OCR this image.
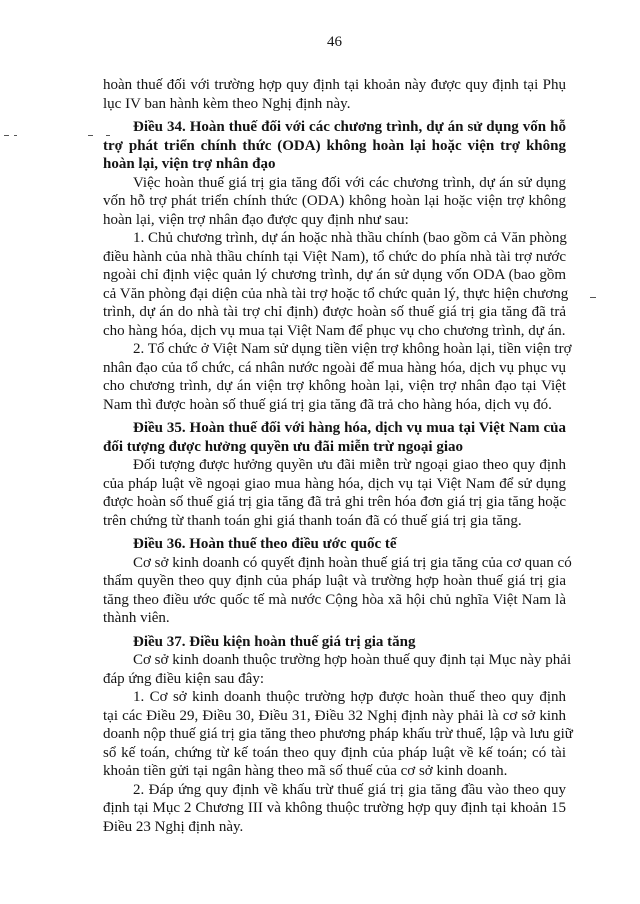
46
hoàn thuế đối với trường hợp quy định tại khoản này được quy định tại Phụ
lục IV ban hành kèm theo Nghị định này.
Điều 34. Hoàn thuế đối với các chương trình, dự án sử dụng vốn hỗ
trợ phát triển chính thức (ODA) không hoàn lại hoặc viện trợ không
hoàn lại, viện trợ nhân đạo
Việc hoàn thuế giá trị gia tăng đối với các chương trình, dự án sử dụng
vốn hỗ trợ phát triển chính thức (ODA) không hoàn lại hoặc viện trợ không
hoàn lại, viện trợ nhân đạo được quy định như sau:
1. Chủ chương trình, dự án hoặc nhà thầu chính (bao gồm cả Văn phòng
điều hành của nhà thầu chính tại Việt Nam), tổ chức do phía nhà tài trợ nước
ngoài chỉ định việc quản lý chương trình, dự án sử dụng vốn ODA (bao gồm
cả Văn phòng đại diện của nhà tài trợ hoặc tổ chức quản lý, thực hiện chương
trình, dự án do nhà tài trợ chỉ định) được hoàn số thuế giá trị gia tăng đã trả
cho hàng hóa, dịch vụ mua tại Việt Nam để phục vụ cho chương trình, dự án.
2. Tổ chức ở Việt Nam sử dụng tiền viện trợ không hoàn lại, tiền viện trợ
nhân đạo của tổ chức, cá nhân nước ngoài để mua hàng hóa, dịch vụ phục vụ
cho chương trình, dự án viện trợ không hoàn lại, viện trợ nhân đạo tại Việt
Nam thì được hoàn số thuế giá trị gia tăng đã trả cho hàng hóa, dịch vụ đó.
Điều 35. Hoàn thuế đối với hàng hóa, dịch vụ mua tại Việt Nam của
đối tượng được hưởng quyền ưu đãi miễn trừ ngoại giao
Đối tượng được hưởng quyền ưu đãi miễn trừ ngoại giao theo quy định
của pháp luật về ngoại giao mua hàng hóa, dịch vụ tại Việt Nam để sử dụng
được hoàn số thuế giá trị gia tăng đã trả ghi trên hóa đơn giá trị gia tăng hoặc
trên chứng từ thanh toán ghi giá thanh toán đã có thuế giá trị gia tăng.
Điều 36. Hoàn thuế theo điều ước quốc tế
Cơ sở kinh doanh có quyết định hoàn thuế giá trị gia tăng của cơ quan có
thẩm quyền theo quy định của pháp luật và trường hợp hoàn thuế giá trị gia
tăng theo điều ước quốc tế mà nước Cộng hòa xã hội chủ nghĩa Việt Nam là
thành viên.
Điều 37. Điều kiện hoàn thuế giá trị gia tăng
Cơ sở kinh doanh thuộc trường hợp hoàn thuế quy định tại Mục này phải
đáp ứng điều kiện sau đây:
1. Cơ sở kinh doanh thuộc trường hợp được hoàn thuế theo quy định
tại các Điều 29, Điều 30, Điều 31, Điều 32 Nghị định này phải là cơ sở kinh
doanh nộp thuế giá trị gia tăng theo phương pháp khấu trừ thuế, lập và lưu giữ
sổ kế toán, chứng từ kế toán theo quy định của pháp luật về kế toán; có tài
khoản tiền gửi tại ngân hàng theo mã số thuế của cơ sở kinh doanh.
2. Đáp ứng quy định về khấu trừ thuế giá trị gia tăng đầu vào theo quy
định tại Mục 2 Chương III và không thuộc trường hợp quy định tại khoản 15
Điều 23 Nghị định này.
